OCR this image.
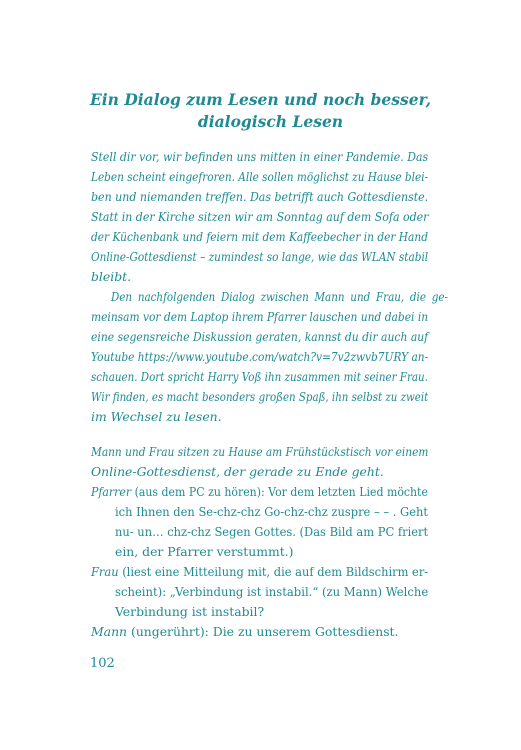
Ein Dialog zum Lesen und noch besser,
dialogisch Lesen
Stell dir vor, wir befinden uns mitten in einer Pandemie. Das
Leben scheint eingefroren. Alle sollen möglichst zu Hause blei-
ben und niemanden treffen. Das betrifft auch Gottesdienste.
Statt in der Kirche sitzen wir am Sonntag auf dem Sofa oder
der Küchenbank und feiern mit dem Kaffeebecher in der Hand
Online-Gottesdienst – zumindest so lange, wie das WLAN stabil
bleibt.
Den nachfolgenden Dialog zwischen Mann und Frau, die ge-
meinsam vor dem Laptop ihrem Pfarrer lauschen und dabei in
eine segensreiche Diskussion geraten, kannst du dir auch auf
Youtube https://www.youtube.com/watch?v=7v2zwvb7URY an-
schauen. Dort spricht Harry Voß ihn zusammen mit seiner Frau.
Wir finden, es macht besonders großen Spaß, ihn selbst zu zweit
im Wechsel zu lesen.
Mann und Frau sitzen zu Hause am Frühstückstisch vor einem
Online-Gottesdienst, der gerade zu Ende geht.
Pfarrer (aus dem PC zu hören): Vor dem letzten Lied möchte
ich Ihnen den Se-chz-chz Go-chz-chz zuspre – – . Geht
nu- un… chz-chz Segen Gottes. (Das Bild am PC friert
ein, der Pfarrer verstummt.)
Frau (liest eine Mitteilung mit, die auf dem Bildschirm er-
scheint): „Verbindung ist instabil.“ (zu Mann) Welche
Verbindung ist instabil?
Mann (ungerührt): Die zu unserem Gottesdienst.
102
